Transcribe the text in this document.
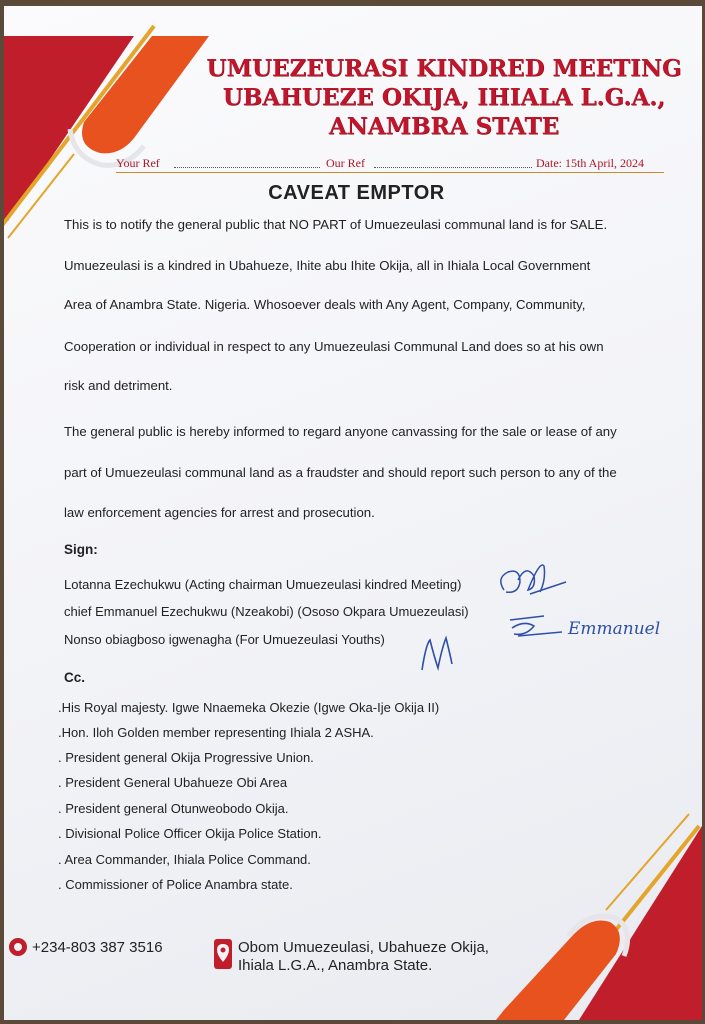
UMUEZEURASI KINDRED MEETING
UBAHUEZE OKIJA, IHIALA L.G.A.,
ANAMBRA STATE
Your Ref	Our Ref	Date: 15th April, 2024
CAVEAT EMPTOR
This is to notify the general public that NO PART of Umuezeulasi communal land is for SALE.
Umuezeulasi is a kindred in Ubahueze, Ihite abu Ihite Okija, all in Ihiala Local Government
Area of Anambra State. Nigeria. Whosoever deals with Any Agent, Company, Community,
Cooperation or individual in respect to any Umuezeulasi Communal Land does so at his own
risk and detriment.
The general public is hereby informed to regard anyone canvassing for the sale or lease of any
part of Umuezeulasi communal land as a fraudster and should report such person to any of the
law enforcement agencies for arrest and prosecution.
Sign:
Lotanna Ezechukwu (Acting chairman Umuezeulasi kindred Meeting)
chief Emmanuel Ezechukwu (Nzeakobi) (Ososo Okpara Umuezeulasi)
Nonso obiagboso igwenagha (For Umuezeulasi Youths)
Emmanuel
Cc.
.His Royal majesty. Igwe Nnaemeka Okezie (Igwe Oka-Ije Okija II)
.Hon. Iloh Golden member representing Ihiala 2 ASHA.
. President general Okija Progressive Union.
. President General Ubahueze Obi Area
. President general Otunweobodo Okija.
. Divisional Police Officer Okija Police Station.
. Area Commander, Ihiala Police Command.
. Commissioner of Police Anambra state.
+234-803 387 3516	Obom Umuezeulasi, Ubahueze Okija,
Ihiala L.G.A., Anambra State.
